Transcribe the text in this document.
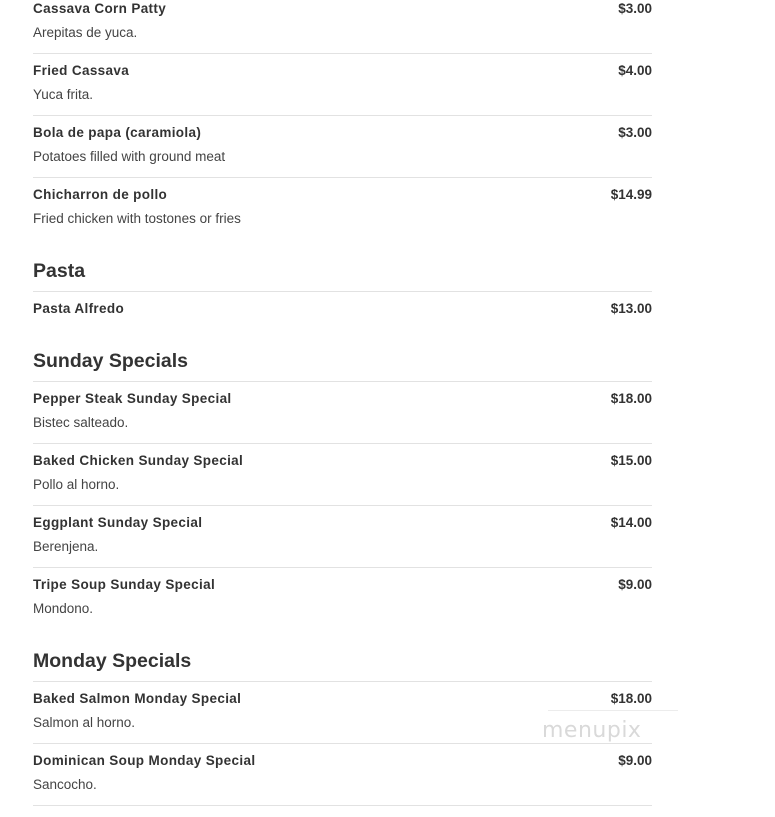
Cassava Corn Patty	$3.00
Arepitas de yuca.
Fried Cassava	$4.00
Yuca frita.
Bola de papa (caramiola)	$3.00
Potatoes filled with ground meat
Chicharron de pollo	$14.99
Fried chicken with tostones or fries
Pasta
Pasta Alfredo	$13.00
Sunday Specials
Pepper Steak Sunday Special	$18.00
Bistec salteado.
Baked Chicken Sunday Special	$15.00
Pollo al horno.
Eggplant Sunday Special	$14.00
Berenjena.
Tripe Soup Sunday Special	$9.00
Mondono.
Monday Specials
Baked Salmon Monday Special	$18.00
Salmon al horno.
Dominican Soup Monday Special	$9.00
Sancocho.
menupix
